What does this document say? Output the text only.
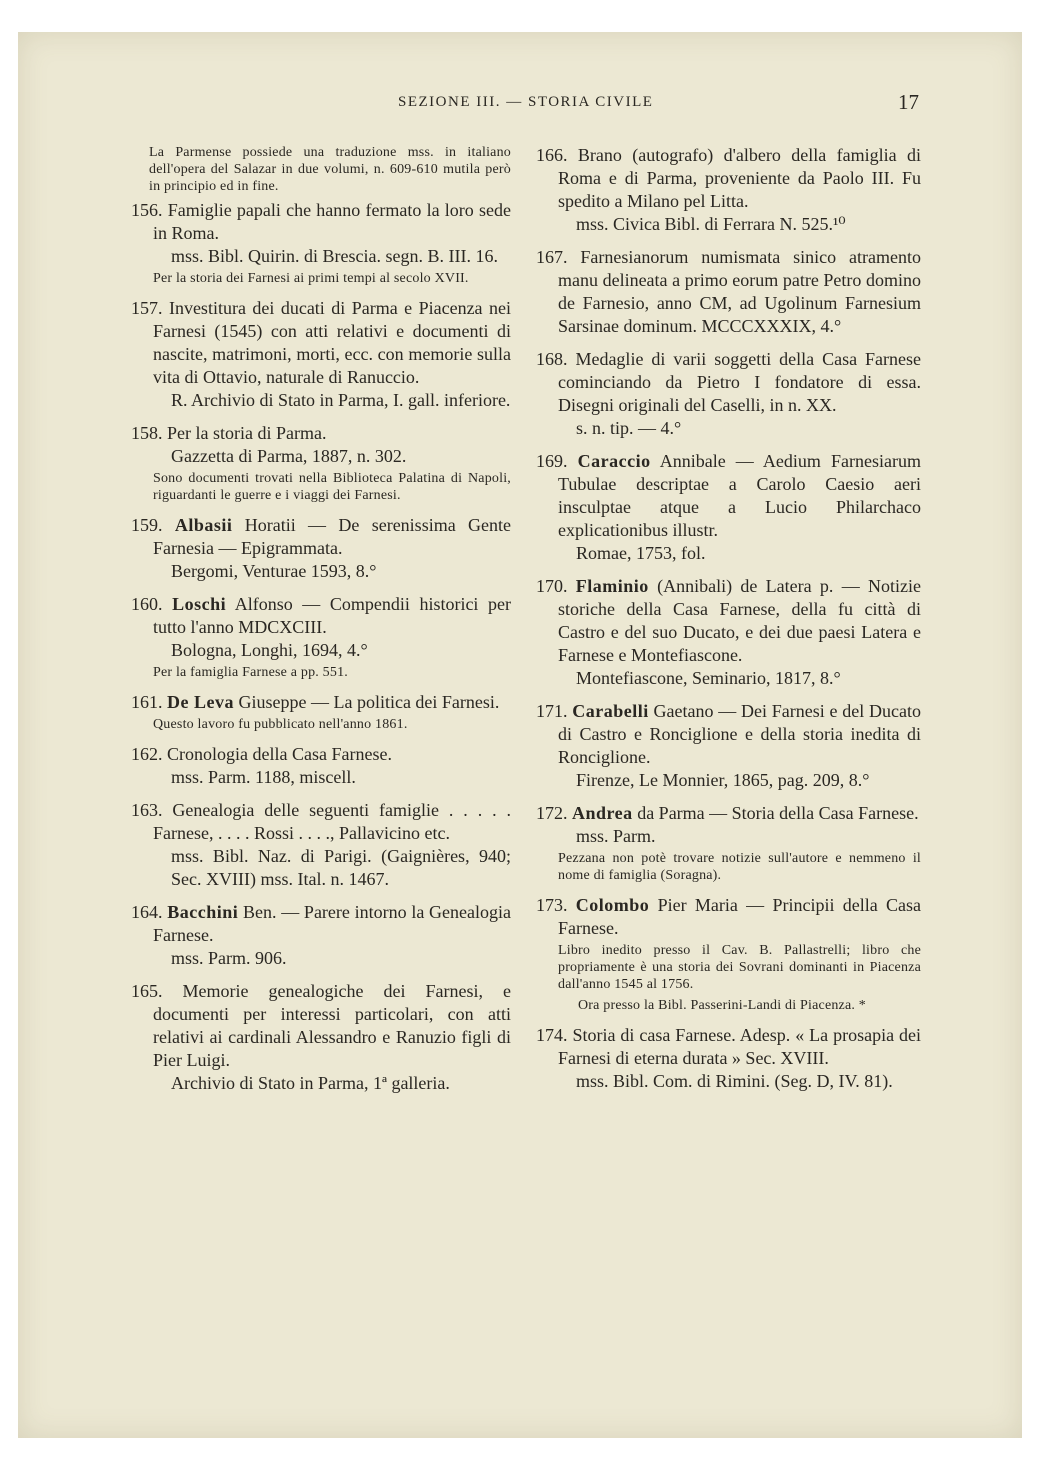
SEZIONE III. — STORIA CIVILE	17
La Parmense possiede una traduzione mss. in italiano dell'opera del Salazar in due volumi, n. 609-610 mutila però in principio ed in fine.
156. Famiglie papali che hanno fermato la loro sede in Roma.
mss. Bibl. Quirin. di Brescia. segn. B. III. 16.
Per la storia dei Farnesi ai primi tempi al secolo XVII.
157. Investitura dei ducati di Parma e Piacenza nei Farnesi (1545) con atti relativi e documenti di nascite, matrimoni, morti, ecc. con memorie sulla vita di Ottavio, naturale di Ranuccio.
R. Archivio di Stato in Parma, I. gall. inferiore.
158. Per la storia di Parma.
Gazzetta di Parma, 1887, n. 302.
Sono documenti trovati nella Biblioteca Palatina di Napoli, riguardanti le guerre e i viaggi dei Farnesi.
159. Albasii Horatii — De serenissima Gente Farnesia — Epigrammata.
Bergomi, Venturae 1593, 8.°
160. Loschi Alfonso — Compendii historici per tutto l'anno MDCXCIII.
Bologna, Longhi, 1694, 4.°
Per la famiglia Farnese a pp. 551.
161. De Leva Giuseppe — La politica dei Farnesi.
Questo lavoro fu pubblicato nell'anno 1861.
162. Cronologia della Casa Farnese.
mss. Parm. 1188, miscell.
163. Genealogia delle seguenti famiglie . . . . . Farnese, . . . . Rossi . . . ., Pallavicino etc.
mss. Bibl. Naz. di Parigi. (Gaignières, 940; Sec. XVIII) mss. Ital. n. 1467.
164. Bacchini Ben. — Parere intorno la Genealogia Farnese.
mss. Parm. 906.
165. Memorie genealogiche dei Farnesi, e documenti per interessi particolari, con atti relativi ai cardinali Alessandro e Ranuzio figli di Pier Luigi.
Archivio di Stato in Parma, 1ª galleria.
166. Brano (autografo) d'albero della famiglia di Roma e di Parma, proveniente da Paolo III. Fu spedito a Milano pel Litta.
mss. Civica Bibl. di Ferrara N. 525.¹⁰
167. Farnesianorum numismata sinico atramento manu delineata a primo eorum patre Petro domino de Farnesio, anno CM, ad Ugolinum Farnesium Sarsinae dominum. MCCCXXXIX, 4.°
168. Medaglie di varii soggetti della Casa Farnese cominciando da Pietro I fondatore di essa. Disegni originali del Caselli, in n. XX.
s. n. tip. — 4.°
169. Caraccio Annibale — Aedium Farnesiarum Tubulae descriptae a Carolo Caesio aeri insculptae atque a Lucio Philarchaco explicationibus illustr.
Romae, 1753, fol.
170. Flaminio (Annibali) de Latera p. — Notizie storiche della Casa Farnese, della fu città di Castro e del suo Ducato, e dei due paesi Latera e Farnese e Montefiascone.
Montefiascone, Seminario, 1817, 8.°
171. Carabelli Gaetano — Dei Farnesi e del Ducato di Castro e Ronciglione e della storia inedita di Ronciglione.
Firenze, Le Monnier, 1865, pag. 209, 8.°
172. Andrea da Parma — Storia della Casa Farnese.
mss. Parm.
Pezzana non potè trovare notizie sull'autore e nemmeno il nome di famiglia (Soragna).
173. Colombo Pier Maria — Principii della Casa Farnese.
Libro inedito presso il Cav. B. Pallastrelli; libro che propriamente è una storia dei Sovrani dominanti in Piacenza dall'anno 1545 al 1756.
Ora presso la Bibl. Passerini-Landi di Piacenza. *
174. Storia di casa Farnese. Adesp. « La prosapia dei Farnesi di eterna durata » Sec. XVIII.
mss. Bibl. Com. di Rimini. (Seg. D, IV. 81).
